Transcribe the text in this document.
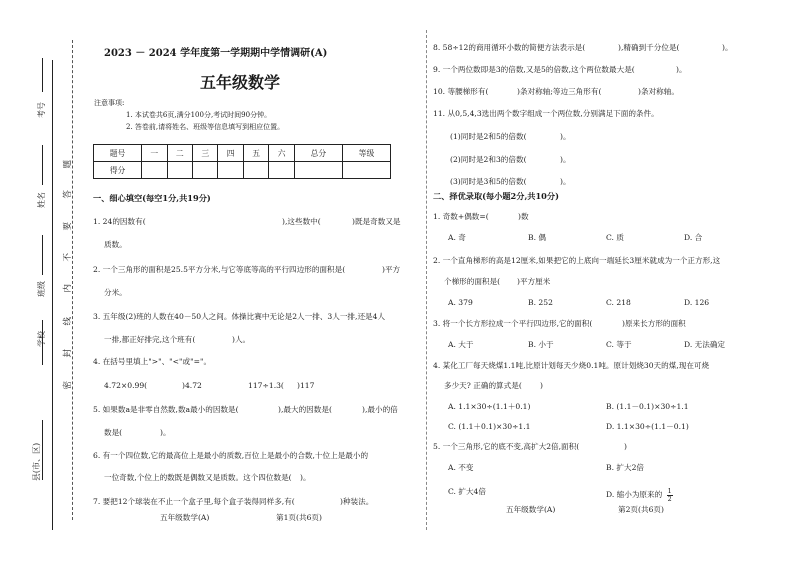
考号
姓名
班级
学校
县(市、区)
题
答
要
不
内
线
封
密
2023 － 2024 学年度第一学期期中学情调研(A)
五年级数学
注意事项:
1. 本试卷共6页,满分100分,考试时间90分钟。
2. 答卷前,请将姓名、班级等信息填写到相应位置。
题号	一	二	三	四	五	六	总分	等级
得分								
一、细心填空(每空1分,共19分)
1. 24的因数有(	),这些数中(	)既是奇数又是
质数。
2. 一个三角形的面积是25.5平方分米,与它等底等高的平行四边形的面积是(	)平方
分米。
3. 五年级(2)班的人数在40－50人之间。体操比赛中无论是2人一排、3人一排,还是4人
一排,都正好排完,这个班有(	)人。
4. 在括号里填上">"、"<"或"="。
4.72×0.99(	)4.72	117÷1.3( )117
5. 如果数a是非零自然数,数a最小的因数是(	),最大的因数是(	),最小的倍
数是(	)。
6. 有一个四位数,它的最高位上是最小的质数,百位上是最小的合数,十位上是最小的
一位奇数,个位上的数既是偶数又是质数。这个四位数是( )。
7. 要把12个球装在不止一个盒子里,每个盒子装得同样多,有(	)种装法。
五年级数学(A)	第1页(共6页)
8. 58÷12的商用循环小数的简便方法表示是(	),精确到千分位是(	)。
9. 一个两位数即是3的倍数,又是5的倍数,这个两位数最大是(	)。
10. 等腰梯形有(	)条对称轴;等边三角形有(	)条对称轴。
11. 从0,5,4,3选出两个数字组成一个两位数,分别满足下面的条件。
(1)同时是2和5的倍数(	)。
(2)同时是2和3的倍数(	)。
(3)同时是3和5的倍数(	)。
二、择优录取(每小题2分,共10分)
1. 奇数+偶数=(	)数
A. 奇	B. 偶	C. 质	D. 合
2. 一个直角梯形的高是12厘米,如果把它的上底向一端延长3厘米就成为一个正方形,这
个梯形的面积是( )平方厘米
A. 379	B. 252	C. 218	D. 126
3. 将一个长方形拉成一个平行四边形,它的面积(	)原来长方形的面积
A. 大于	B. 小于	C. 等于	D. 无法确定
4. 某化工厂每天烧煤1.1吨,比原计划每天少烧0.1吨。原计划烧30天的煤,现在可烧
多少天? 正确的算式是( )
A. 1.1×30÷(1.1＋0.1)	B. (1.1－0.1)×30÷1.1
C. (1.1＋0.1)×30÷1.1	D. 1.1×30÷(1.1－0.1)
5. 一个三角形,它的底不变,高扩大2倍,面积(	)
A. 不变	B. 扩大2倍
C. 扩大4倍	D. 缩小为原来的 $\frac{1}{2}$
五年级数学(A)	第2页(共6页)
